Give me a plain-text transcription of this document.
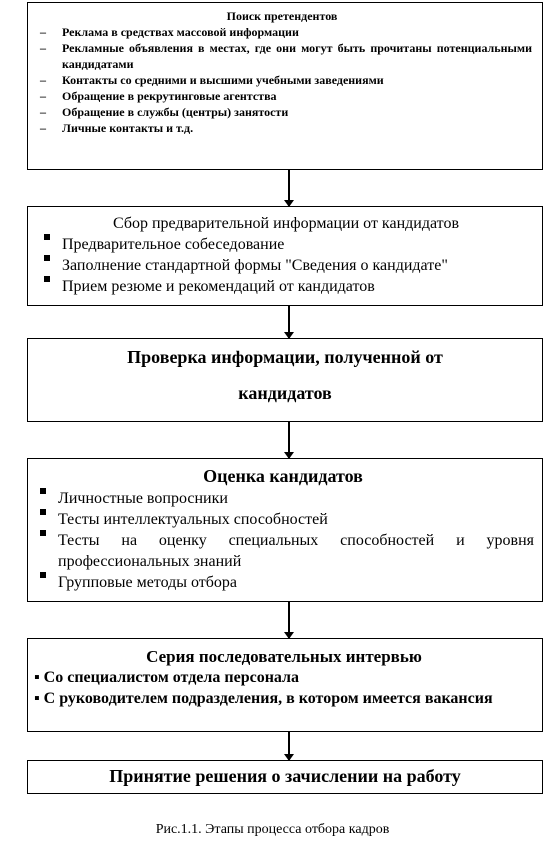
Поиск претендентов
– Реклама в средствах массовой информации
– Рекламные объявления в местах, где они могут быть прочитаны потенциальными кандидатами
– Контакты со средними и высшими учебными заведениями
– Обращение в рекрутинговые агентства
– Обращение в службы (центры) занятости
– Личные контакты и т.д.
Сбор предварительной информации от кандидатов
Предварительное собеседование
Заполнение стандартной формы "Сведения о кандидате"
Прием резюме и рекомендаций от кандидатов
Проверка информации, полученной от
кандидатов
Оценка кандидатов
Личностные вопросники
Тесты интеллектуальных способностей
Тесты на оценку специальных способностей и уровня профессиональных знаний
Групповые методы отбора
Серия последовательных интервью
▪ Со специалистом отдела персонала
▪ С руководителем подразделения, в котором имеется вакансия
Принятие решения о зачислении на работу
Рис.1.1. Этапы процесса отбора кадров
